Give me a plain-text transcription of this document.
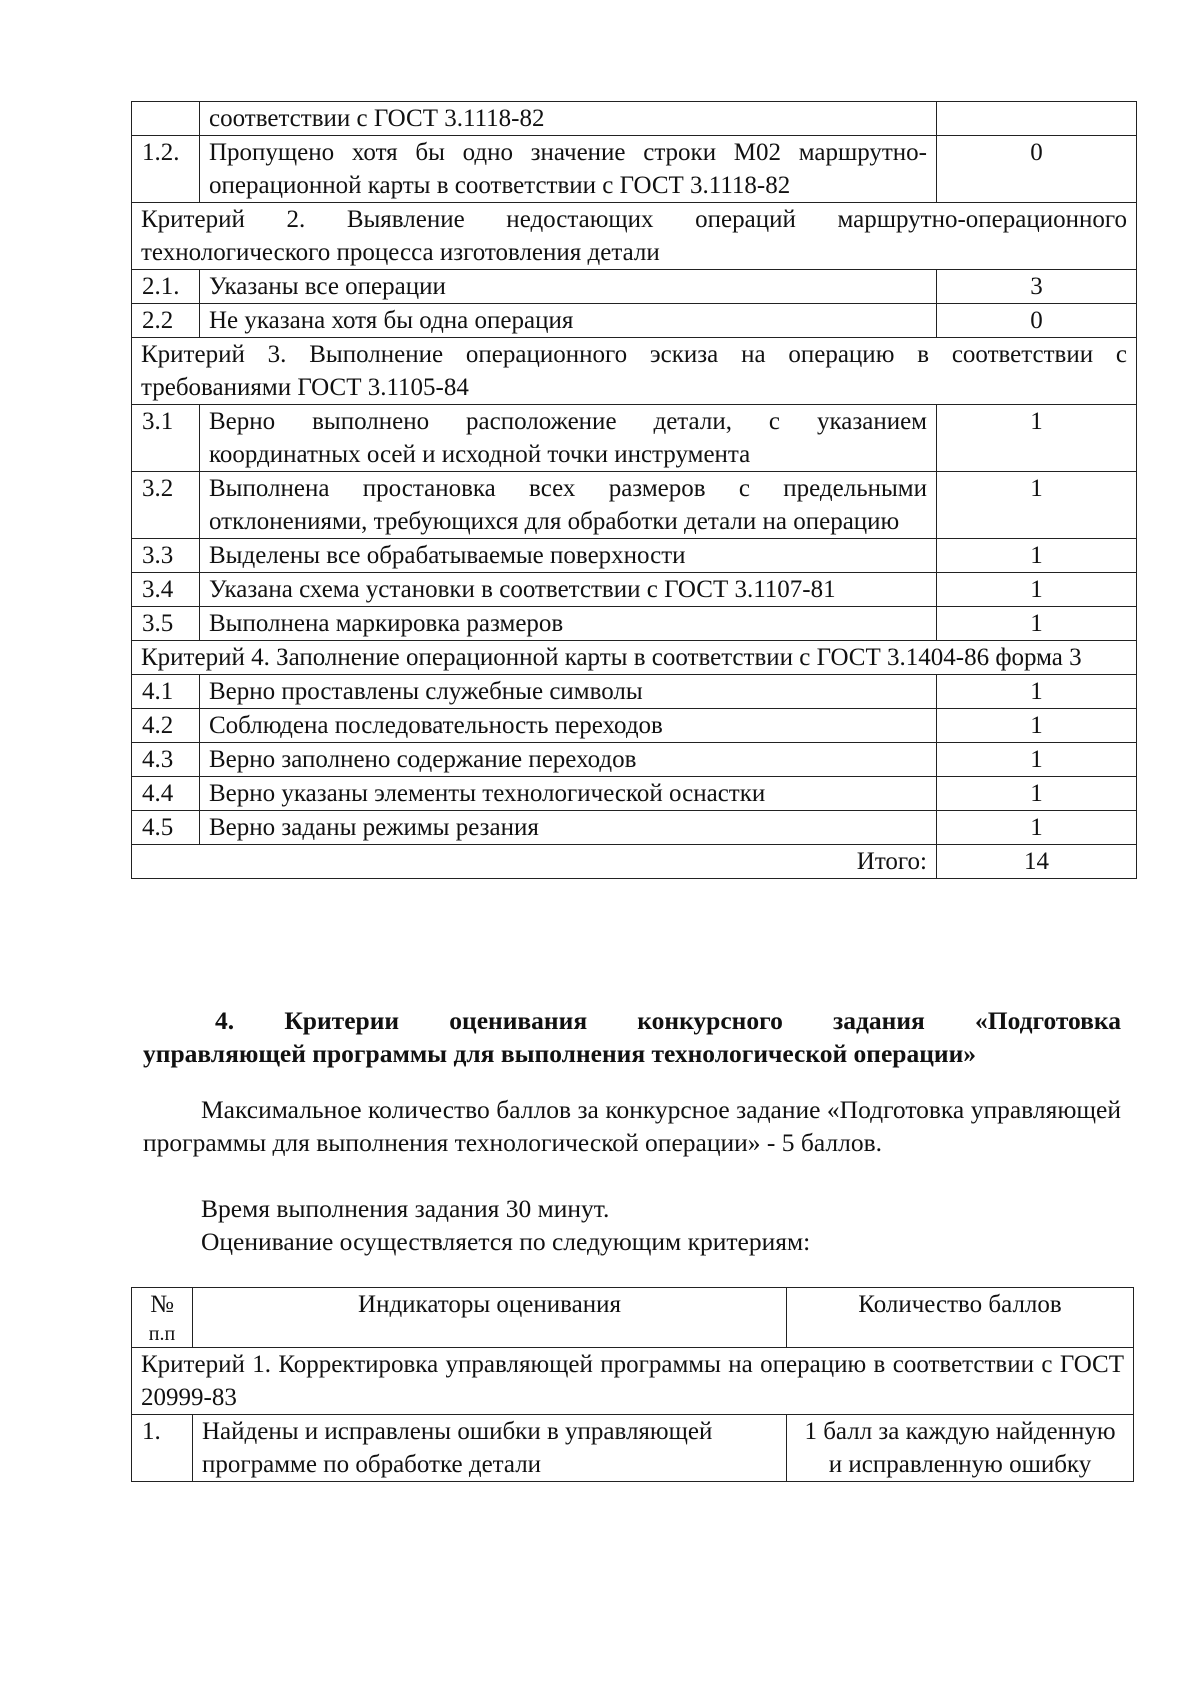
	соответствии с ГОСТ 3.1118-82	
1.2.	Пропущено хотя бы одно значение строки М02 маршрутно-операционной карты в соответствии с ГОСТ 3.1118-82	0
Критерий 2. Выявление недостающих операций маршрутно-операционного технологического процесса изготовления детали		
2.1.	Указаны все операции	3
2.2	Не указана хотя бы одна операция	0
Критерий 3. Выполнение операционного эскиза на операцию в соответствии с требованиями ГОСТ 3.1105-84		
3.1	Верно выполнено расположение детали, с указанием координатных осей и исходной точки инструмента	1
3.2	Выполнена простановка всех размеров с предельными отклонениями, требующихся для обработки детали на операцию	1
3.3	Выделены все обрабатываемые поверхности	1
3.4	Указана схема установки в соответствии с ГОСТ 3.1107-81	1
3.5	Выполнена маркировка размеров	1
Критерий 4. Заполнение операционной карты в соответствии с ГОСТ 3.1404-86 форма 3		
4.1	Верно проставлены служебные символы	1
4.2	Соблюдена последовательность переходов	1
4.3	Верно заполнено содержание переходов	1
4.4	Верно указаны элементы технологической оснастки	1
4.5	Верно заданы режимы резания	1
Итого:		14
4. Критерии оценивания конкурсного задания «Подготовка
управляющей программы для выполнения технологической операции»
Максимальное количество баллов за конкурсное задание «Подготовка управляющей программы для выполнения технологической операции» - 5 баллов.
Время выполнения задания 30 минут.
Оценивание осуществляется по следующим критериям:
№
п.п	Индикаторы оценивания	Количество баллов
Критерий 1. Корректировка управляющей программы на операцию в соответствии с ГОСТ 20999-83		
1.	Найдены и исправлены ошибки в управляющей программе по обработке детали	1 балл за каждую найденную и исправленную ошибку
